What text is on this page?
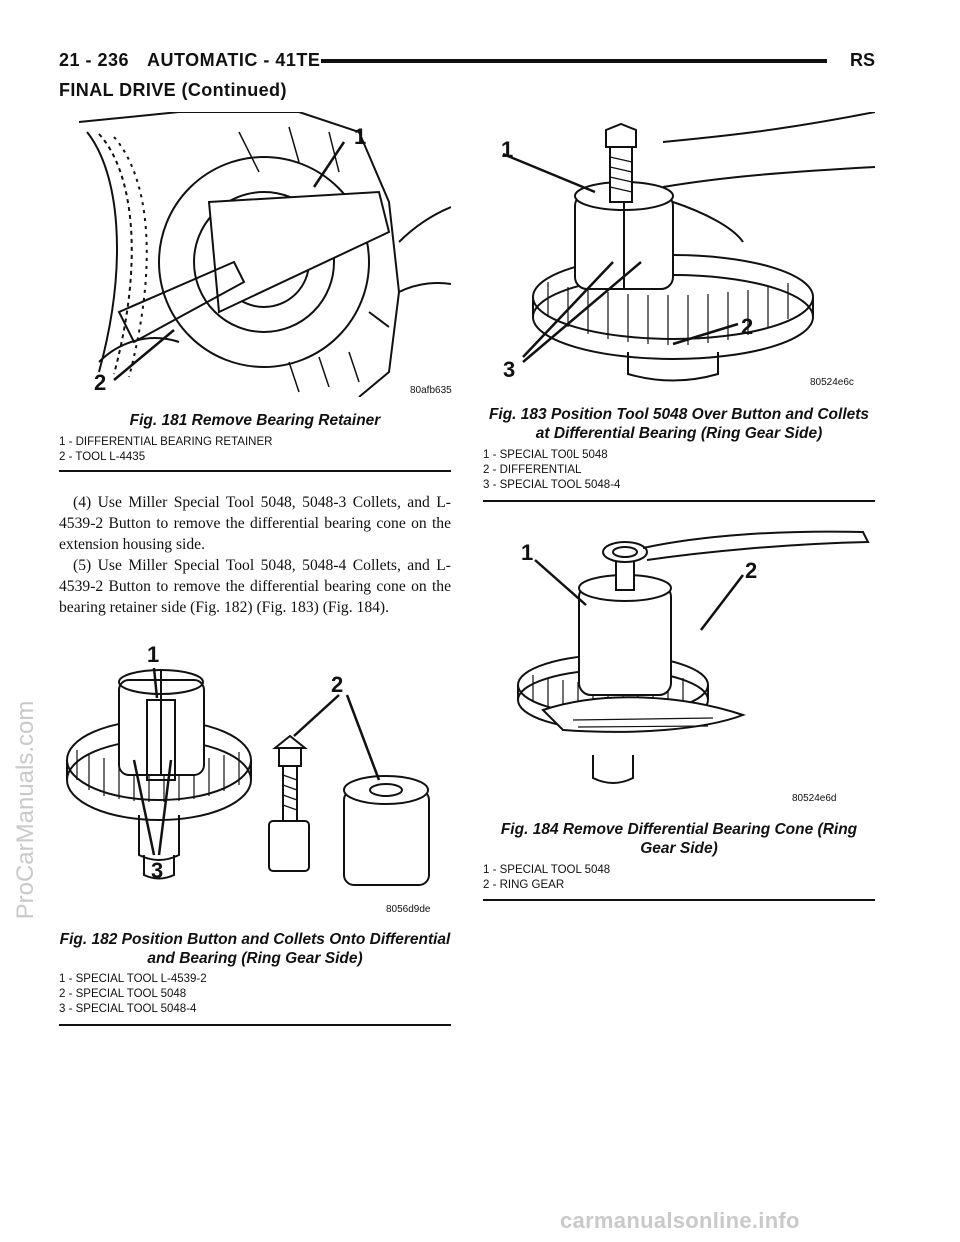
21 - 236 AUTOMATIC - 41TE	RS
FINAL DRIVE (Continued)
1
2	80afb635
Fig. 181 Remove Bearing Retainer
1 - DIFFERENTIAL BEARING RETAINER
2 - TOOL L-4435

(4) Use Miller Special Tool 5048, 5048-3 Collets, and L-4539-2 Button to remove the differential bearing cone on the extension housing side.

(5) Use Miller Special Tool 5048, 5048-4 Collets, and L-4539-2 Button to remove the differential bearing cone on the bearing retainer side (Fig. 182) (Fig. 183) (Fig. 184).

1
2
3
8056d9de
Fig. 182 Position Button and Collets Onto Differential and Bearing (Ring Gear Side)
1 - SPECIAL TOOL L-4539-2
2 - SPECIAL TOOL 5048
3 - SPECIAL TOOL 5048-4
1
2
3
80524e6c
Fig. 183 Position Tool 5048 Over Button and Collets at Differential Bearing (Ring Gear Side)
1 - SPECIAL TO0L 5048
2 - DIFFERENTIAL
3 - SPECIAL TOOL 5048-4
1
2
80524e6d
Fig. 184 Remove Differential Bearing Cone (Ring Gear Side)
1 - SPECIAL TOOL 5048
2 - RING GEAR
ProCarManuals.com
carmanualsonline.info
